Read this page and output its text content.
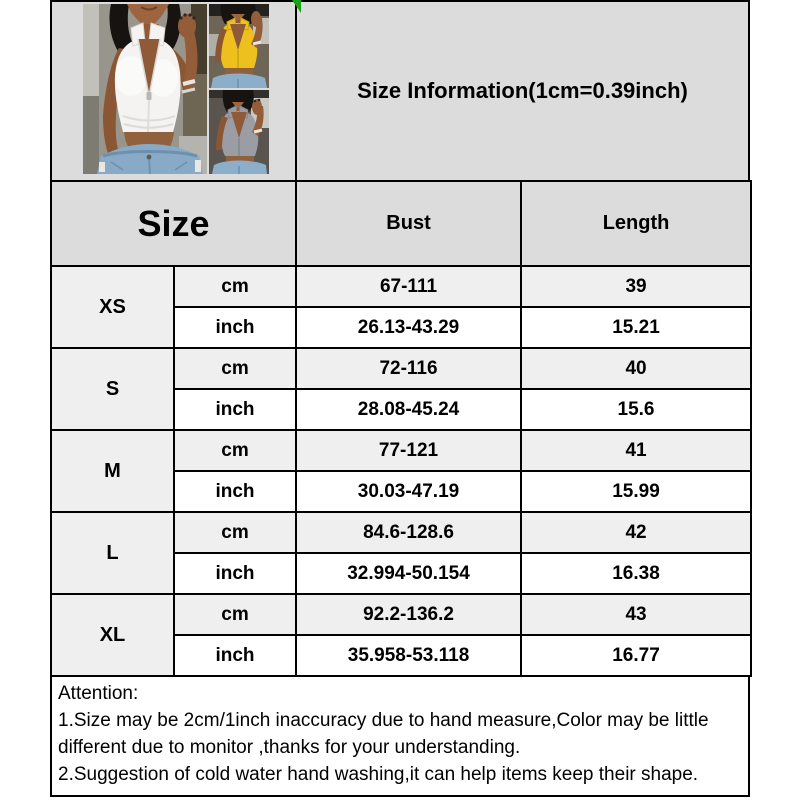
Size Information(1cm=0.39inch)
Size		Bust	Length
XS	cm	67-111	39
	inch	26.13-43.29	15.21
S	cm	72-116	40
	inch	28.08-45.24	15.6
M	cm	77-121	41
	inch	30.03-47.19	15.99
L	cm	84.6-128.6	42
	inch	32.994-50.154	16.38
XL	cm	92.2-136.2	43
	inch	35.958-53.118	16.77

Attention:

1.Size may be 2cm/1inch inaccuracy due to hand measure,Color may be little different due to monitor ,thanks for your understanding.

2.Suggestion of cold water hand washing,it can help items keep their shape.
